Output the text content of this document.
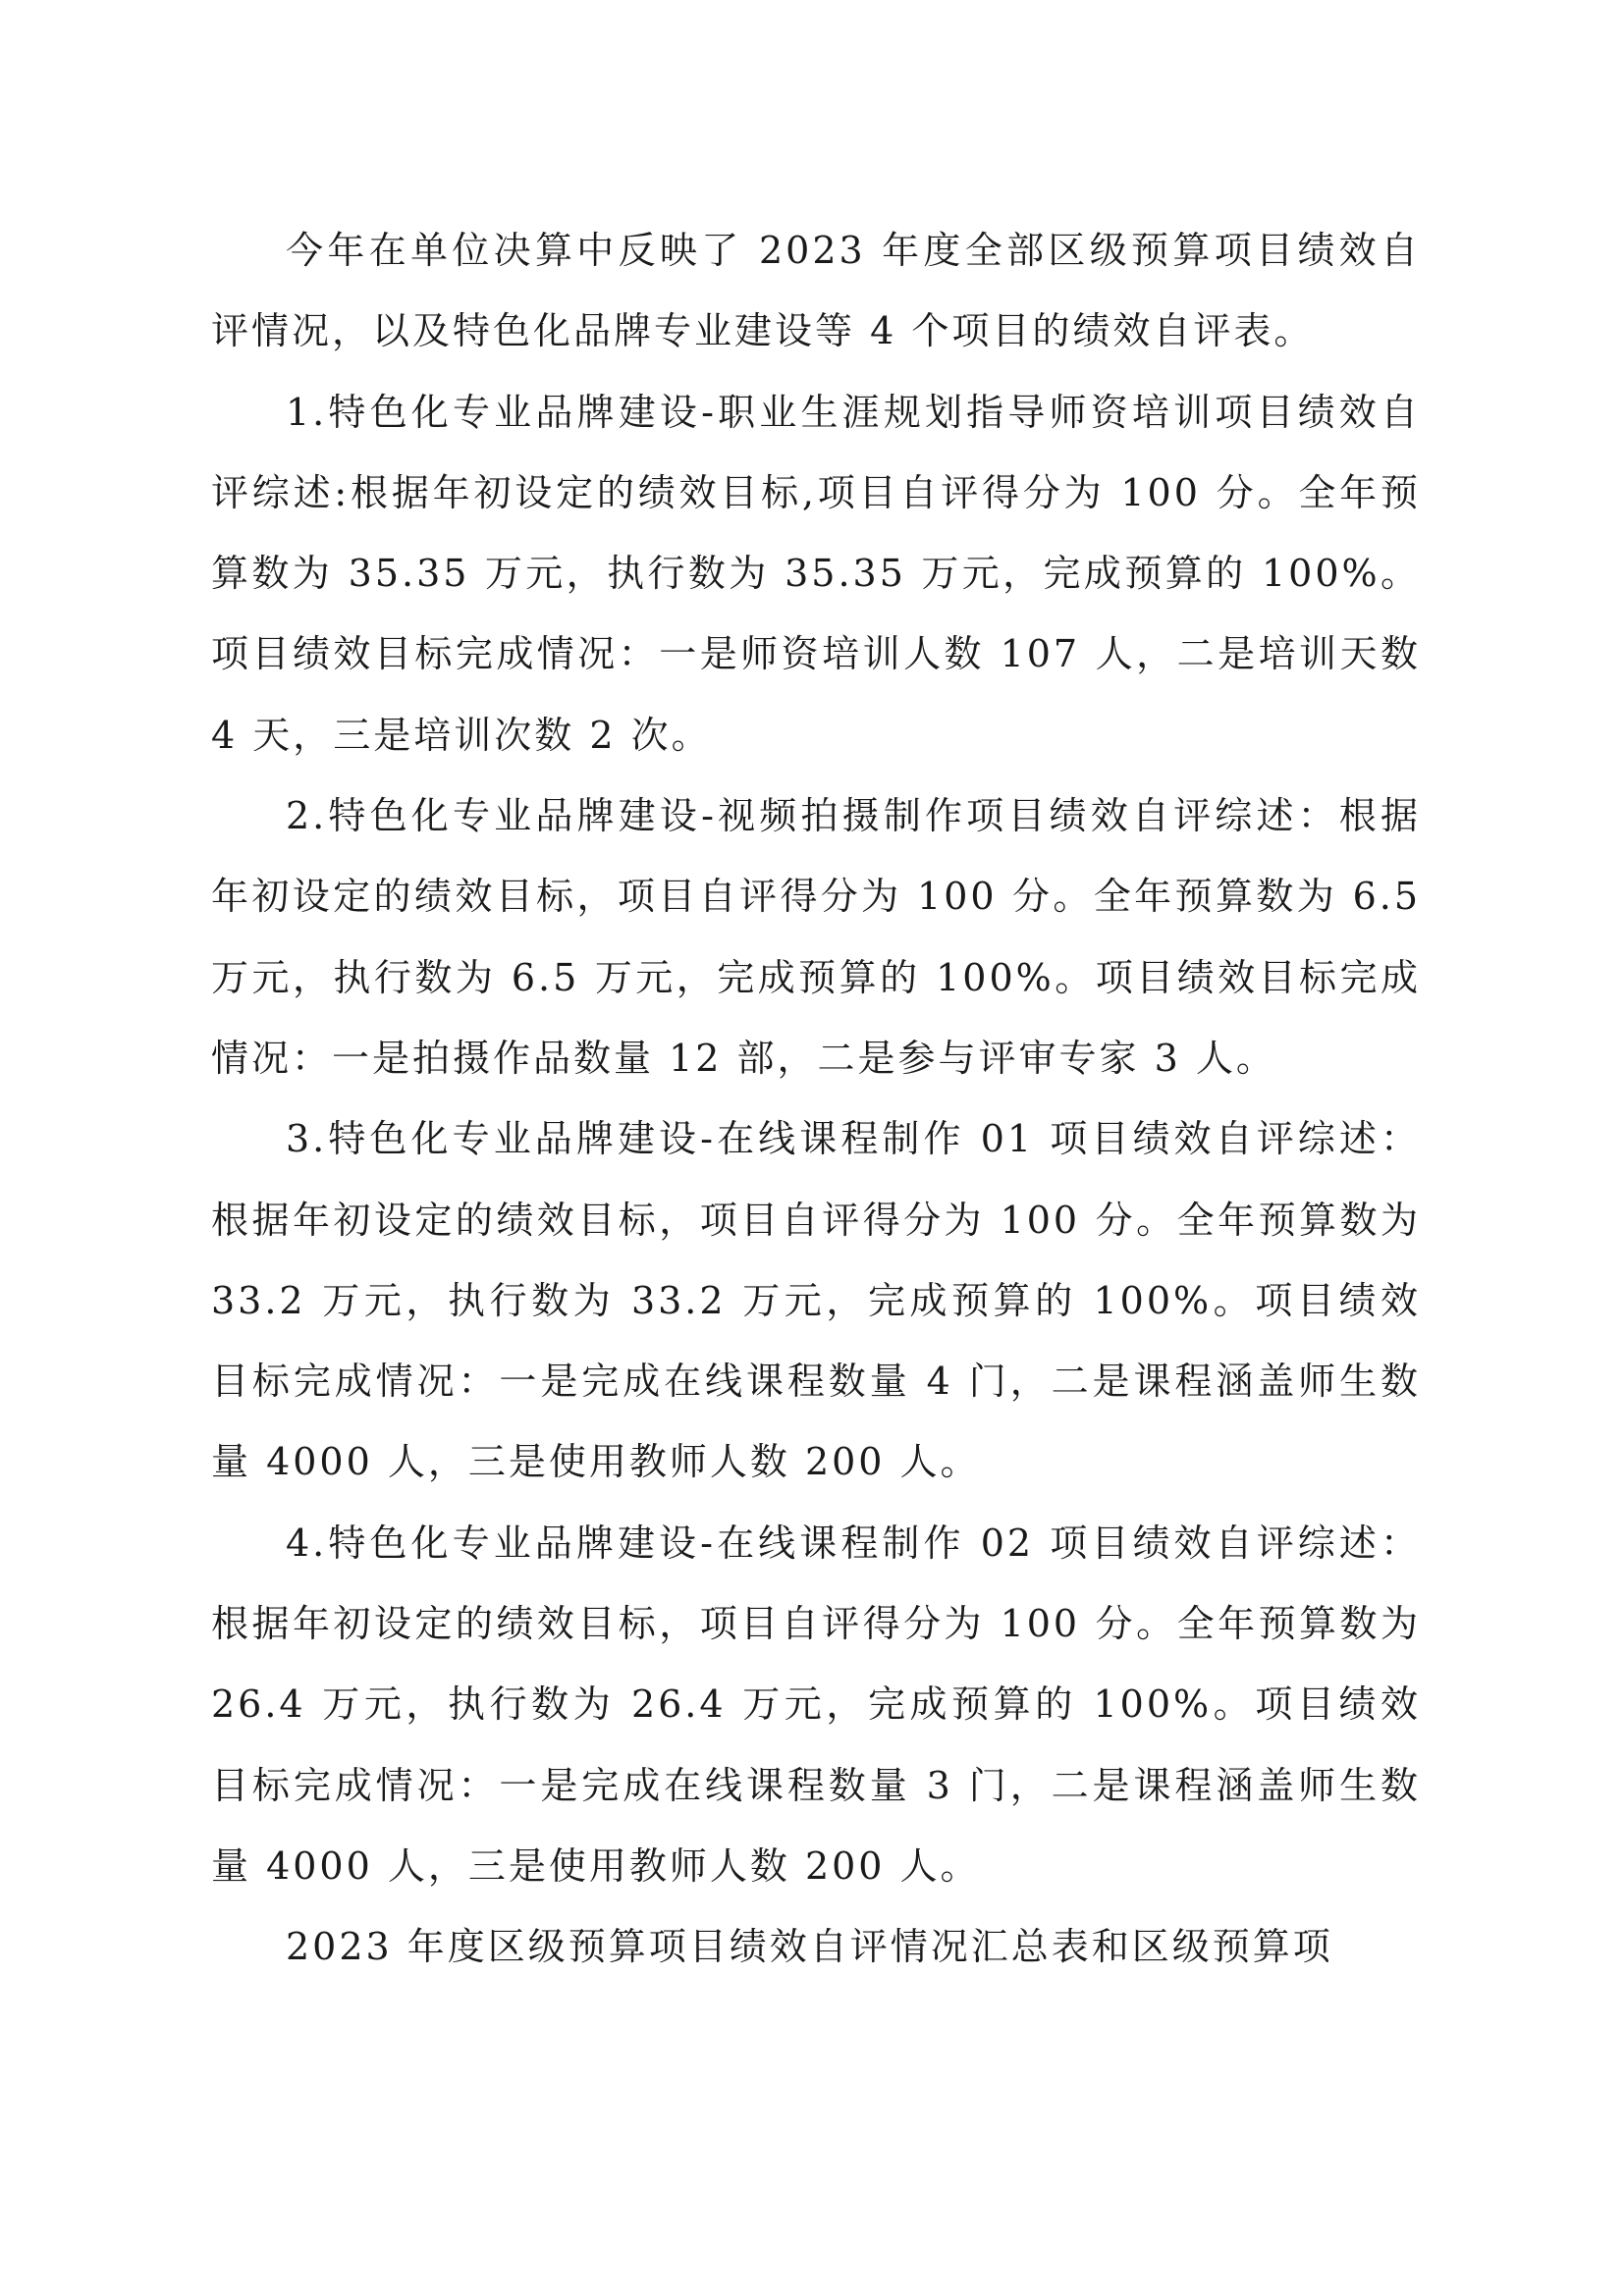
今年在单位决算中反映了 2023 年度全部区级预算项目绩效自评情况，以及特色化品牌专业建设等 4 个项目的绩效自评表。

1.特色化专业品牌建设-职业生涯规划指导师资培训项目绩效自评综述:根据年初设定的绩效目标,项目自评得分为 100 分。全年预算数为 35.35 万元，执行数为 35.35 万元，完成预算的 100%。项目绩效目标完成情况：一是师资培训人数 107 人，二是培训天数 4 天，三是培训次数 2 次。

2.特色化专业品牌建设-视频拍摄制作项目绩效自评综述：根据年初设定的绩效目标，项目自评得分为 100 分。全年预算数为 6.5 万元，执行数为 6.5 万元，完成预算的 100%。项目绩效目标完成情况：一是拍摄作品数量 12 部，二是参与评审专家 3 人。

3.特色化专业品牌建设-在线课程制作 01 项目绩效自评综述：根据年初设定的绩效目标，项目自评得分为 100 分。全年预算数为 33.2 万元，执行数为 33.2 万元，完成预算的 100%。项目绩效目标完成情况：一是完成在线课程数量 4 门，二是课程涵盖师生数量 4000 人，三是使用教师人数 200 人。

4.特色化专业品牌建设-在线课程制作 02 项目绩效自评综述：根据年初设定的绩效目标，项目自评得分为 100 分。全年预算数为 26.4 万元，执行数为 26.4 万元，完成预算的 100%。项目绩效目标完成情况：一是完成在线课程数量 3 门，二是课程涵盖师生数量 4000 人，三是使用教师人数 200 人。

2023 年度区级预算项目绩效自评情况汇总表和区级预算项
